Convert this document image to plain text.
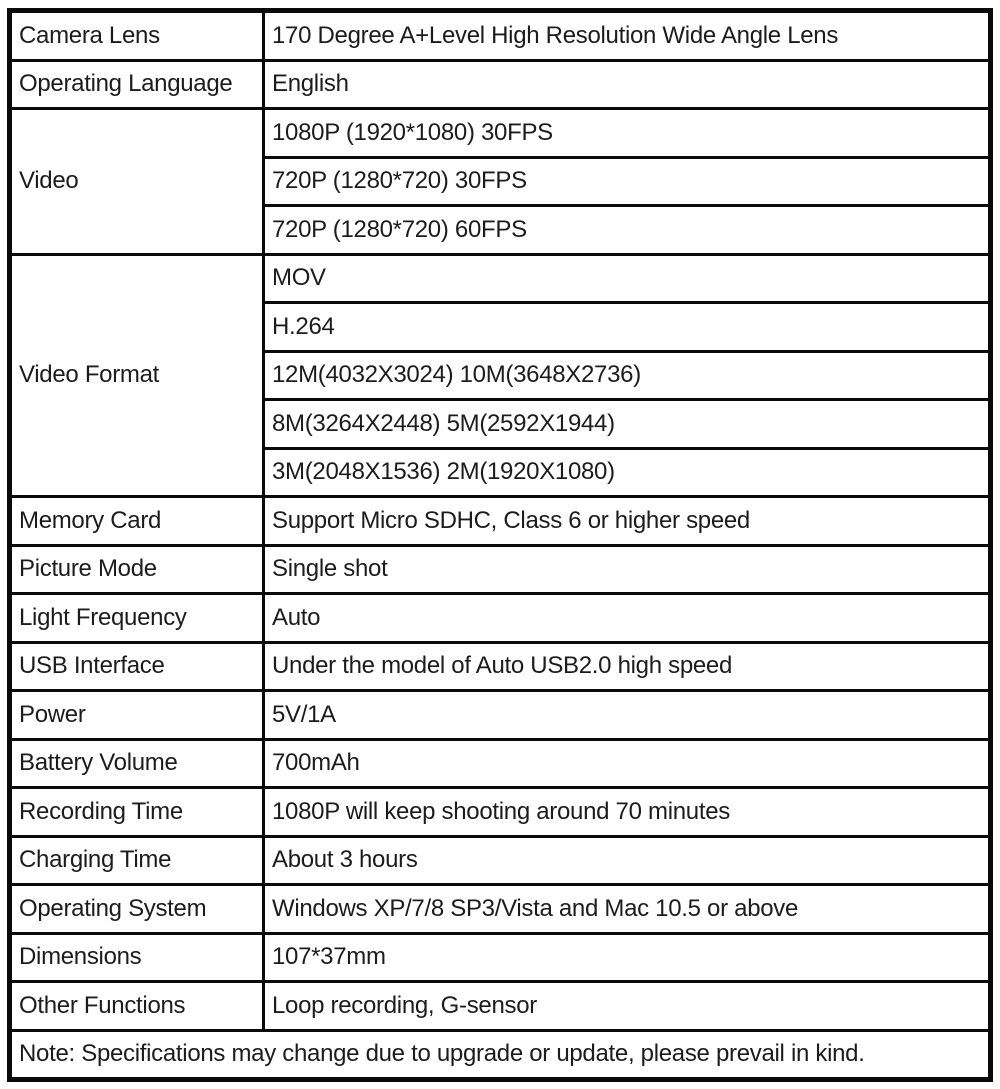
Camera Lens	170 Degree A+Level High Resolution Wide Angle Lens
Operating Language	English
Video	1080P (1920*1080) 30FPS
	720P (1280*720) 30FPS
	720P (1280*720) 60FPS
Video Format	MOV
	H.264
	12M(4032X3024) 10M(3648X2736)
	8M(3264X2448) 5M(2592X1944)
	3M(2048X1536) 2M(1920X1080)
Memory Card	Support Micro SDHC, Class 6 or higher speed
Picture Mode	Single shot
Light Frequency	Auto
USB Interface	Under the model of Auto USB2.0 high speed
Power	5V/1A
Battery Volume	700mAh
Recording Time	1080P will keep shooting around 70 minutes
Charging Time	About 3 hours
Operating System	Windows XP/7/8 SP3/Vista and Mac 10.5 or above
Dimensions	107*37mm
Other Functions	Loop recording, G-sensor
Note: Specifications may change due to upgrade or update, please prevail in kind.	
